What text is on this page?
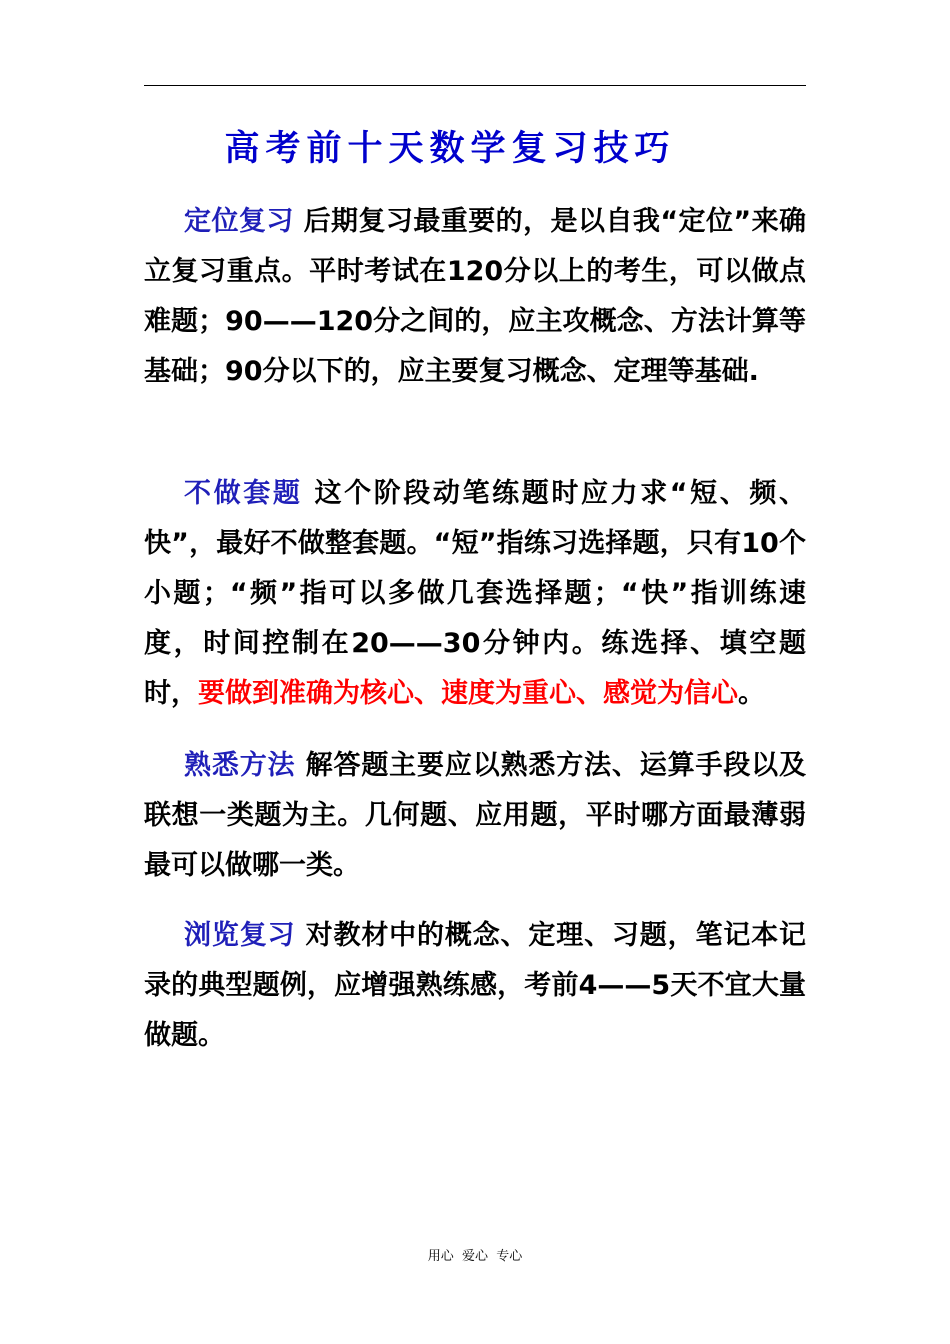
高考前十天数学复习技巧

定位复习 后期复习最重要的，是以自我“定位”来确立复习重点。平时考试在120分以上的考生，可以做点难题；90——120分之间的，应主攻概念、方法计算等基础；90分以下的，应主要复习概念、定理等基础.

不做套题 这个阶段动笔练题时应力求“短、频、快”，最好不做整套题。“短”指练习选择题，只有10个小题；“频”指可以多做几套选择题；“快”指训练速度，时间控制在20——30分钟内。练选择、填空题时，要做到准确为核心、速度为重心、感觉为信心。

熟悉方法 解答题主要应以熟悉方法、运算手段以及联想一类题为主。几何题、应用题，平时哪方面最薄弱最可以做哪一类。

浏览复习 对教材中的概念、定理、习题，笔记本记录的典型题例，应增强熟练感，考前4——5天不宜大量做题。

用心  爱心  专心
